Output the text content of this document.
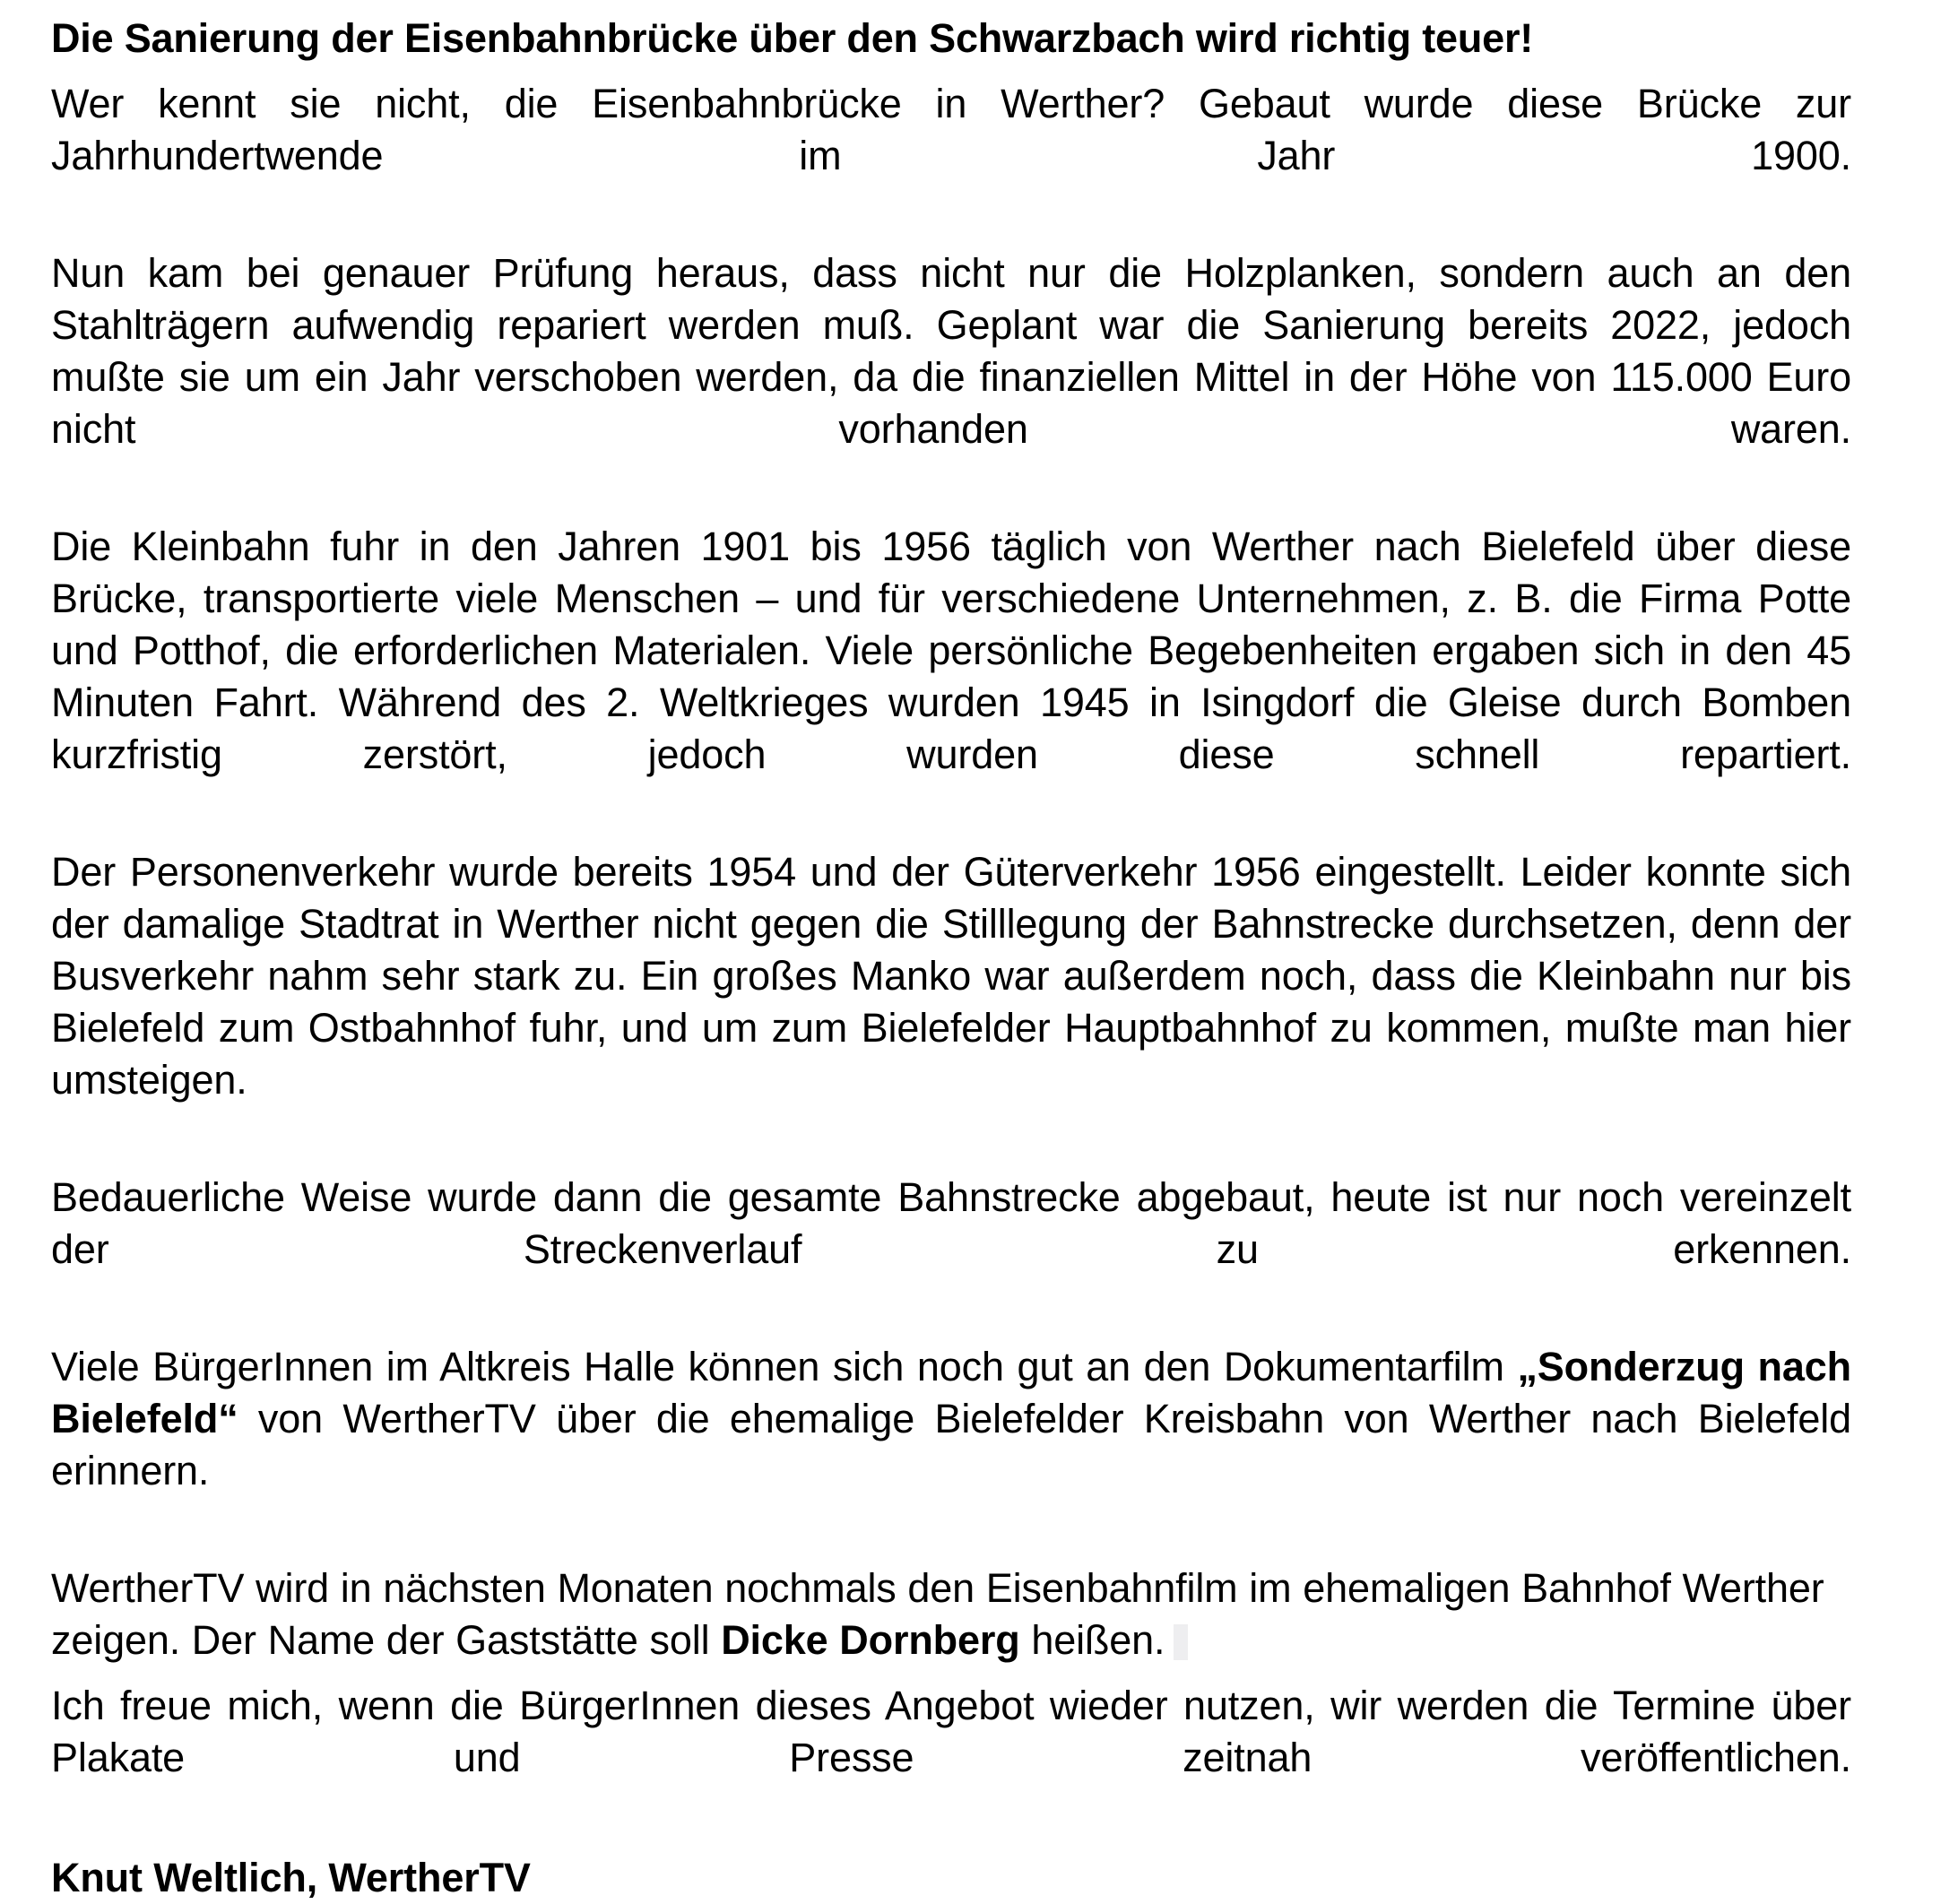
Die Sanierung der Eisenbahnbrücke über den Schwarzbach wird richtig teuer!

Wer kennt sie nicht, die Eisenbahnbrücke in Werther? Gebaut wurde diese Brücke zur Jahrhundertwende im Jahr 1900.

Nun kam bei genauer Prüfung heraus, dass nicht nur die Holzplanken, sondern auch an den Stahlträgern aufwendig repariert werden muß. Geplant war die Sanierung bereits 2022, jedoch mußte sie um ein Jahr verschoben werden, da die finanziellen Mittel in der Höhe von 115.000 Euro nicht vorhanden waren.

Die Kleinbahn fuhr in den Jahren 1901 bis 1956 täglich von Werther nach Bielefeld über diese Brücke, transportierte viele Menschen – und für verschiedene Unternehmen, z. B. die Firma Potte und Potthof, die erforderlichen Materialen. Viele persönliche Begebenheiten ergaben sich in den 45 Minuten Fahrt. Während des 2. Weltkrieges wurden 1945 in Isingdorf die Gleise durch Bomben kurzfristig zerstört, jedoch wurden diese schnell repartiert.

Der Personenverkehr wurde bereits 1954 und der Güterverkehr 1956 eingestellt. Leider konnte sich der damalige Stadtrat in Werther nicht gegen die Stilllegung der Bahnstrecke durchsetzen, denn der Busverkehr nahm sehr stark zu. Ein großes Manko war außerdem noch, dass die Kleinbahn nur bis Bielefeld zum Ostbahnhof fuhr, und um zum Bielefelder Hauptbahnhof zu kommen, mußte man hier umsteigen.

Bedauerliche Weise wurde dann die gesamte Bahnstrecke abgebaut, heute ist nur noch vereinzelt der Streckenverlauf zu erkennen.

Viele BürgerInnen im Altkreis Halle können sich noch gut an den Dokumentarfilm „Sonderzug nach Bielefeld“ von WertherTV über die ehemalige Bielefelder Kreisbahn von Werther nach Bielefeld erinnern.

WertherTV wird in nächsten Monaten nochmals den Eisenbahnfilm im ehemaligen Bahnhof Werther zeigen. Der Name der Gaststätte soll Dicke Dornberg heißen.

Ich freue mich, wenn die BürgerInnen dieses Angebot wieder nutzen, wir werden die Termine über Plakate und Presse zeitnah veröffentlichen.

Knut Weltlich, WertherTV
